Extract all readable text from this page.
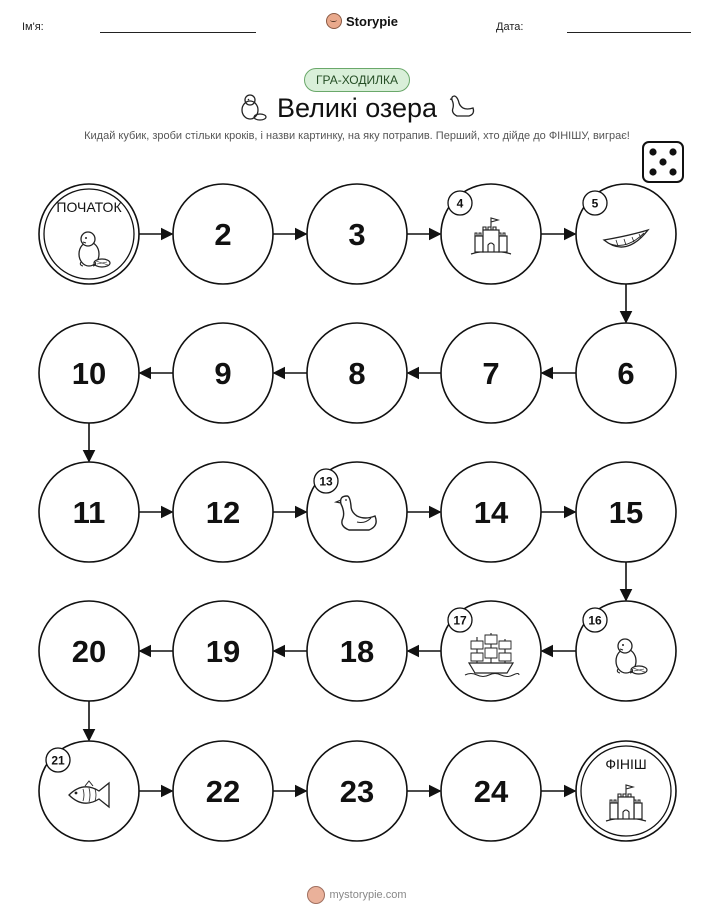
Ім'я:	Storypie	Дата:
ГРА-ХОДИЛКА
Великі озера
Кидай кубик, зроби стільки кроків, і назви картинку, на яку потрапив. Перший, хто дійде до ФІНІШУ, виграє!
ПОЧАТОК
2	3
4	5
6
7
8
9
10
11	12
13
14	15
16
17
18
19
20
21
22	23	24
ФІНІШ
mystorypie.com
